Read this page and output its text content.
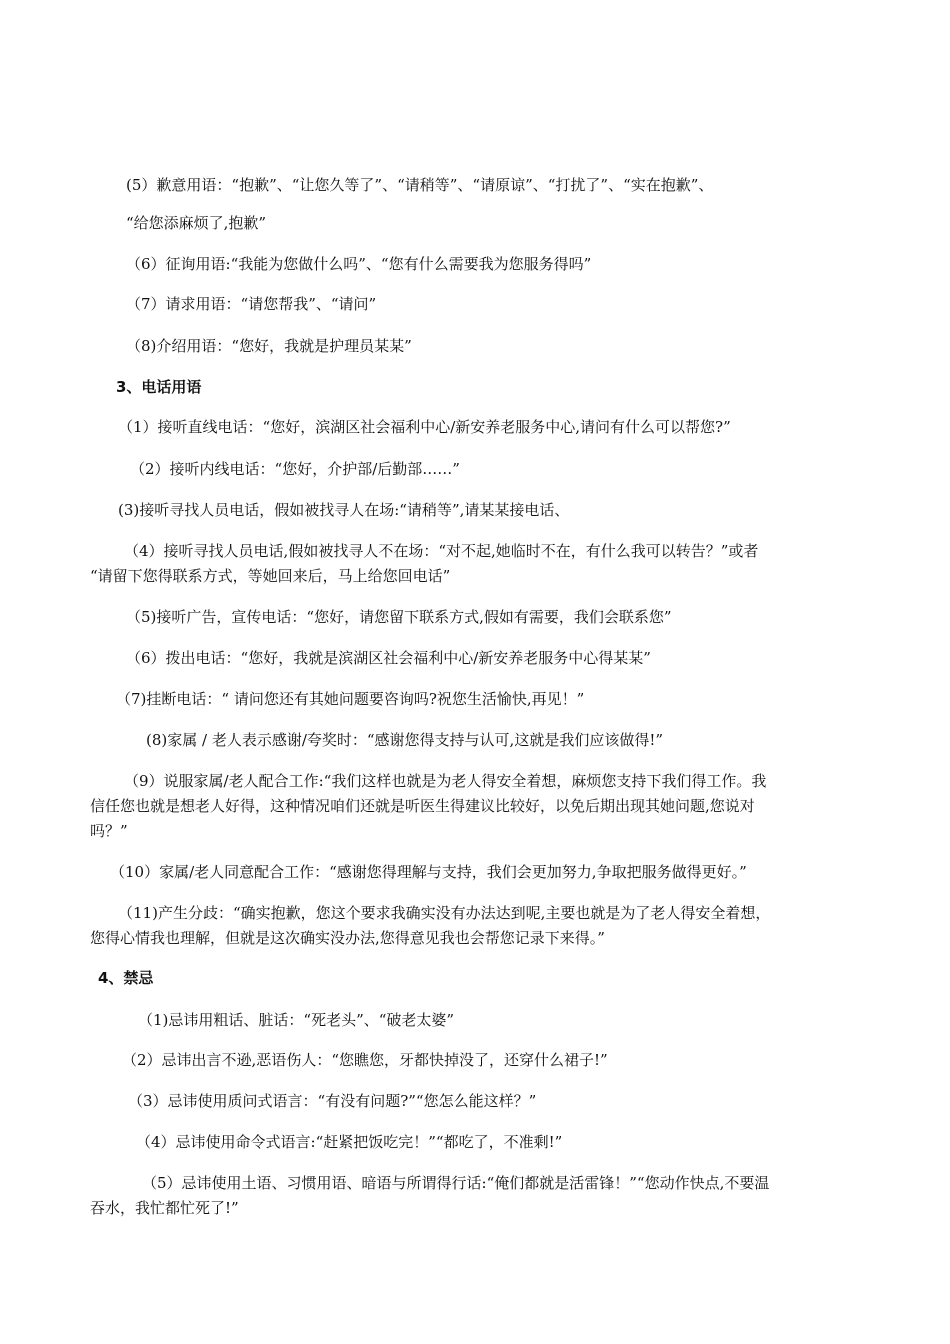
(5）歉意用语：“抱歉”、“让您久等了”、“请稍等”、“请原谅”、“打扰了”、“实在抱歉”、
“给您添麻烦了,抱歉”
（6）征询用语:“我能为您做什么吗”、“您有什么需要我为您服务得吗”
（7）请求用语：“请您帮我”、“请问”
（8)介绍用语：“您好，我就是护理员某某”
3、电话用语
（1）接听直线电话：“您好，滨湖区社会福利中心/新安养老服务中心,请问有什么可以帮您?”
（2）接听内线电话：“您好，介护部/后勤部……”
(3)接听寻找人员电话，假如被找寻人在场:“请稍等”,请某某接电话、
（4）接听寻找人员电话,假如被找寻人不在场：“对不起,她临时不在，有什么我可以转告？”或者
“请留下您得联系方式，等她回来后，马上给您回电话”
（5)接听广告，宣传电话：“您好，请您留下联系方式,假如有需要，我们会联系您”
（6）拨出电话：“您好，我就是滨湖区社会福利中心/新安养老服务中心得某某”
（7)挂断电话：“ 请问您还有其她问题要咨询吗?祝您生活愉快,再见！”
(8)家属 / 老人表示感谢/夸奖时：“感谢您得支持与认可,这就是我们应该做得!”
（9）说服家属/老人配合工作:“我们这样也就是为老人得安全着想，麻烦您支持下我们得工作。我
信任您也就是想老人好得，这种情况咱们还就是听医生得建议比较好，以免后期出现其她问题,您说对
吗？”
（10）家属/老人同意配合工作：“感谢您得理解与支持，我们会更加努力,争取把服务做得更好。”
（11)产生分歧：“确实抱歉，您这个要求我确实没有办法达到呢,主要也就是为了老人得安全着想，
您得心情我也理解，但就是这次确实没办法,您得意见我也会帮您记录下来得。”
4、禁忌
（1)忌讳用粗话、脏话：“死老头”、“破老太婆”
（2）忌讳出言不逊,恶语伤人：“您瞧您，牙都快掉没了，还穿什么裙子!”
（3）忌讳使用质问式语言：“有没有问题?”“您怎么能这样？”
（4）忌讳使用命令式语言:“赶紧把饭吃完！”“都吃了，不准剩!”
（5）忌讳使用土语、习惯用语、暗语与所谓得行话:“俺们都就是活雷锋！”“您动作快点,不要温
吞水，我忙都忙死了!”
